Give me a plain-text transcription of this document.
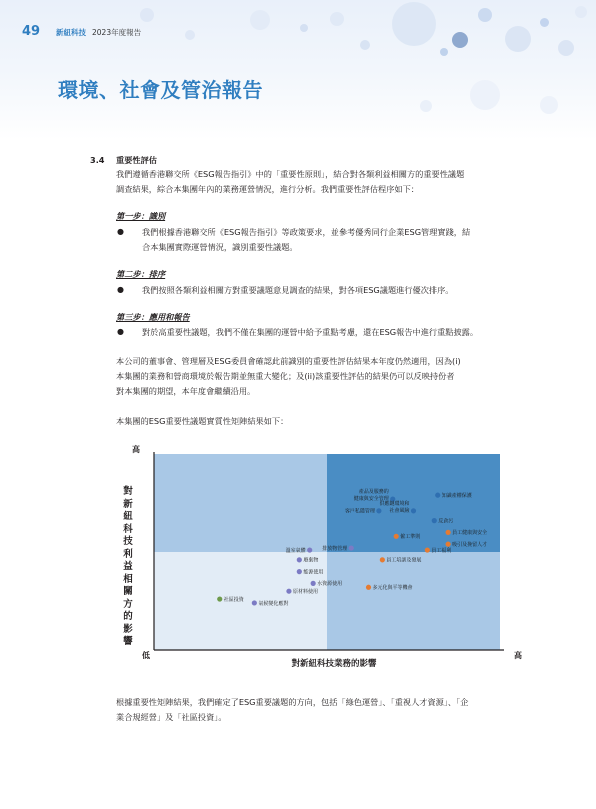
49 新紐科技 2023年度報告
環境、社會及管治報告
3.4 重要性評估
我們遵循香港聯交所《ESG報告指引》中的「重要性原則」，結合對各類利益相關方的重要性議題
調查結果，綜合本集團年內的業務運營情況，進行分析。我們重要性評估程序如下：
第一步：識別
● 我們根據香港聯交所《ESG報告指引》等政策要求，並參考優秀同行企業ESG管理實踐，結
合本集團實際運營情況，識別重要性議題。
第二步：排序
● 我們按照各類利益相關方對重要議題意見調查的結果，對各項ESG議題進行優次排序。
第三步：應用和報告
● 對於高重要性議題，我們不僅在集團的運營中給予重點考慮，還在ESG報告中進行重點披露。
本公司的董事會、管理層及ESG委員會確認此前識別的重要性評估結果本年度仍然適用，因為(i)
本集團的業務和營商環境於報告期並無重大變化；及(ii)該重要性評估的結果仍可以反映持份者
對本集團的期望，本年度會繼續沿用。
本集團的ESG重要性議題實質性矩陣結果如下：
產品及服務的
健康與安全管理
知識產權保護
客戶私隱管理
供應鏈環境和
社會風險
反貪污
員工健康與安全
僱工準則
吸引及挽留人才
員工福利
溫室氣體	排放物管理
員工培訓及發展
廢棄物
能源使用
水資源使用
多元化與平等機會
原材料使用
社區投資
氣候變化應對
高
低	高
對新紐科技業務的影響
對
新
紐
科
技
利
益
相
關
方
的
影
響
根據重要性矩陣結果，我們確定了ESG重要議題的方向，包括「綠色運營」、「重視人才資源」、「企
業合規經營」及「社區投資」。
